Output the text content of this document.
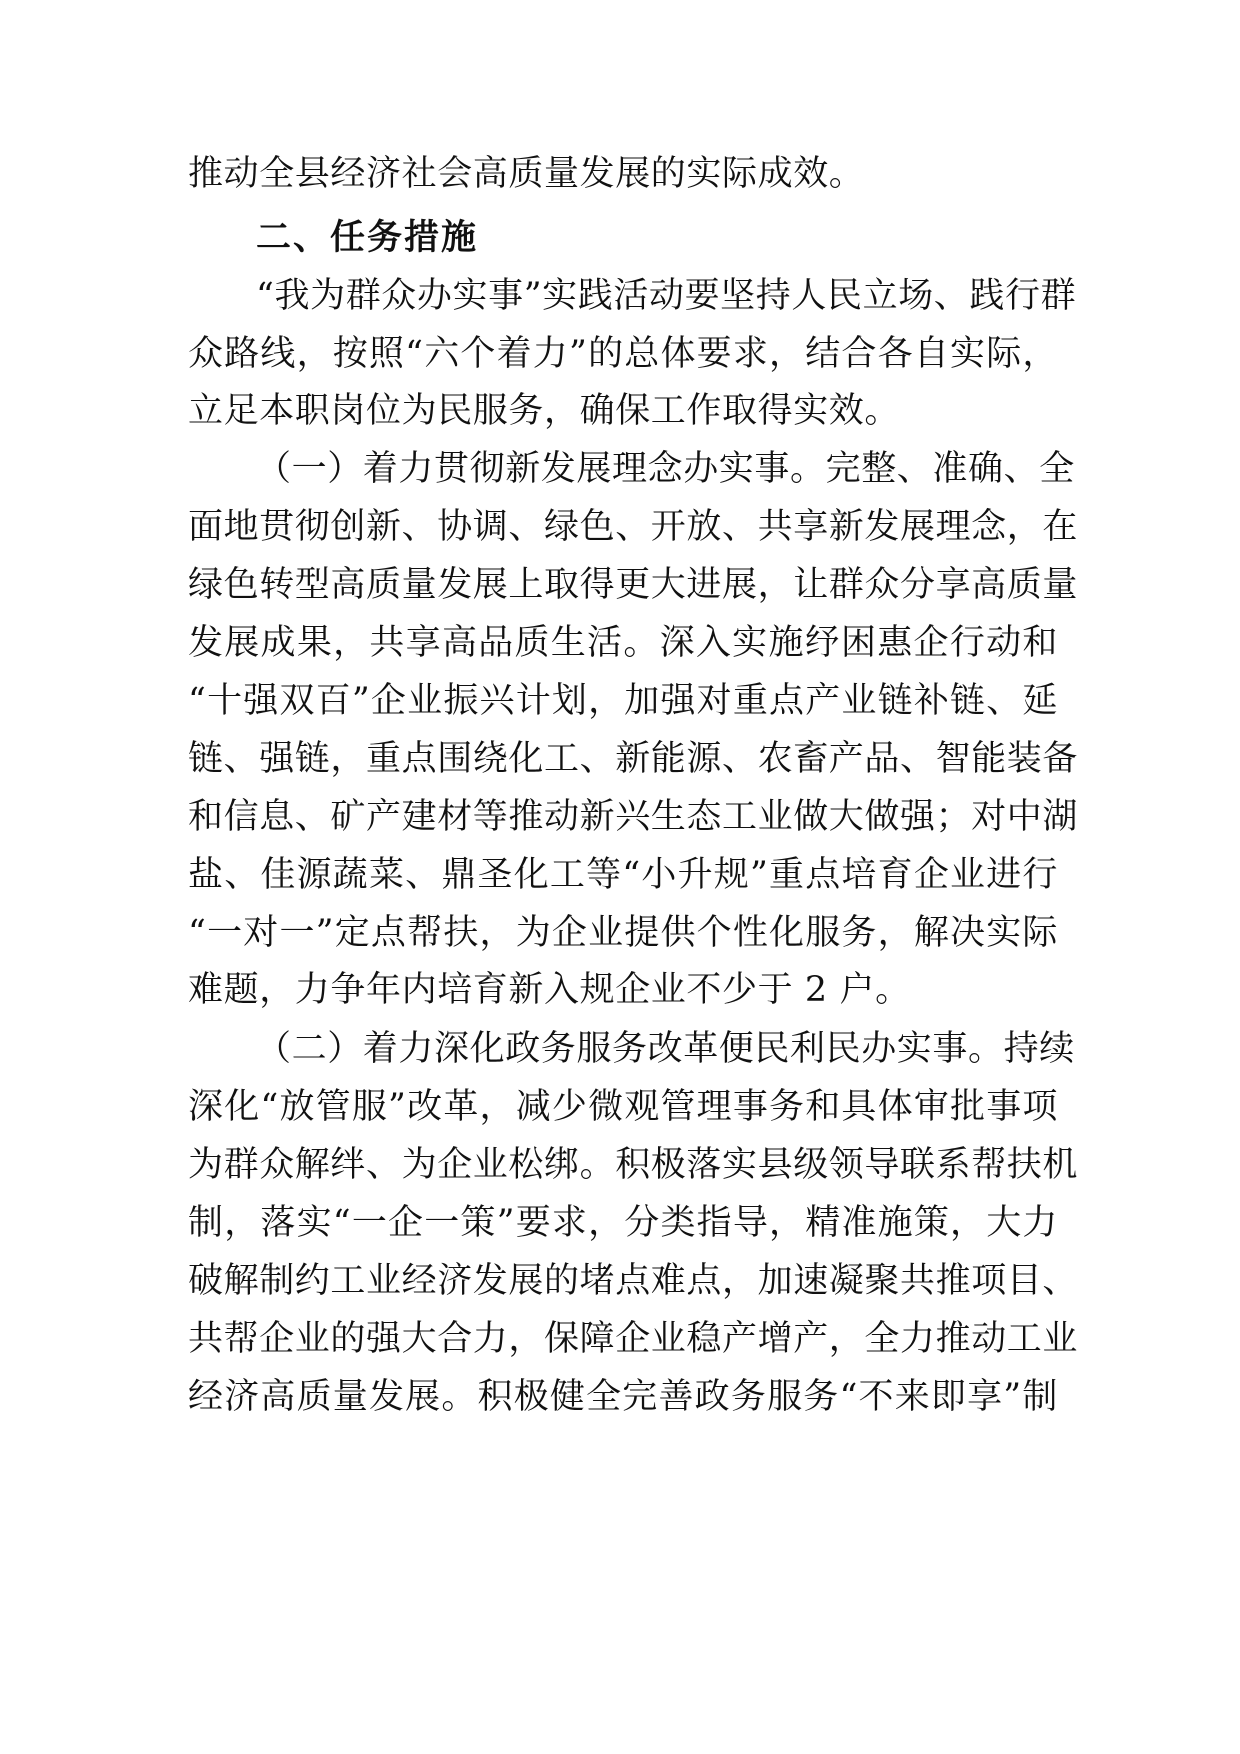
推动全县经济社会高质量发展的实际成效。
二、任务措施
“我为群众办实事”实践活动要坚持人民立场、践行群
众路线，按照“六个着力”的总体要求，结合各自实际，
立足本职岗位为民服务，确保工作取得实效。
（一）着力贯彻新发展理念办实事。完整、准确、全
面地贯彻创新、协调、绿色、开放、共享新发展理念，在
绿色转型高质量发展上取得更大进展，让群众分享高质量
发展成果，共享高品质生活。深入实施纾困惠企行动和
“十强双百”企业振兴计划，加强对重点产业链补链、延
链、强链，重点围绕化工、新能源、农畜产品、智能装备
和信息、矿产建材等推动新兴生态工业做大做强；对中湖
盐、佳源蔬菜、鼎圣化工等“小升规”重点培育企业进行
“一对一”定点帮扶，为企业提供个性化服务，解决实际
难题，力争年内培育新入规企业不少于 2 户。
（二）着力深化政务服务改革便民利民办实事。持续
深化“放管服”改革，减少微观管理事务和具体审批事项
为群众解绊、为企业松绑。积极落实县级领导联系帮扶机
制，落实“一企一策”要求，分类指导，精准施策，大力
破解制约工业经济发展的堵点难点，加速凝聚共推项目、
共帮企业的强大合力，保障企业稳产增产，全力推动工业
经济高质量发展。积极健全完善政务服务“不来即享”制
